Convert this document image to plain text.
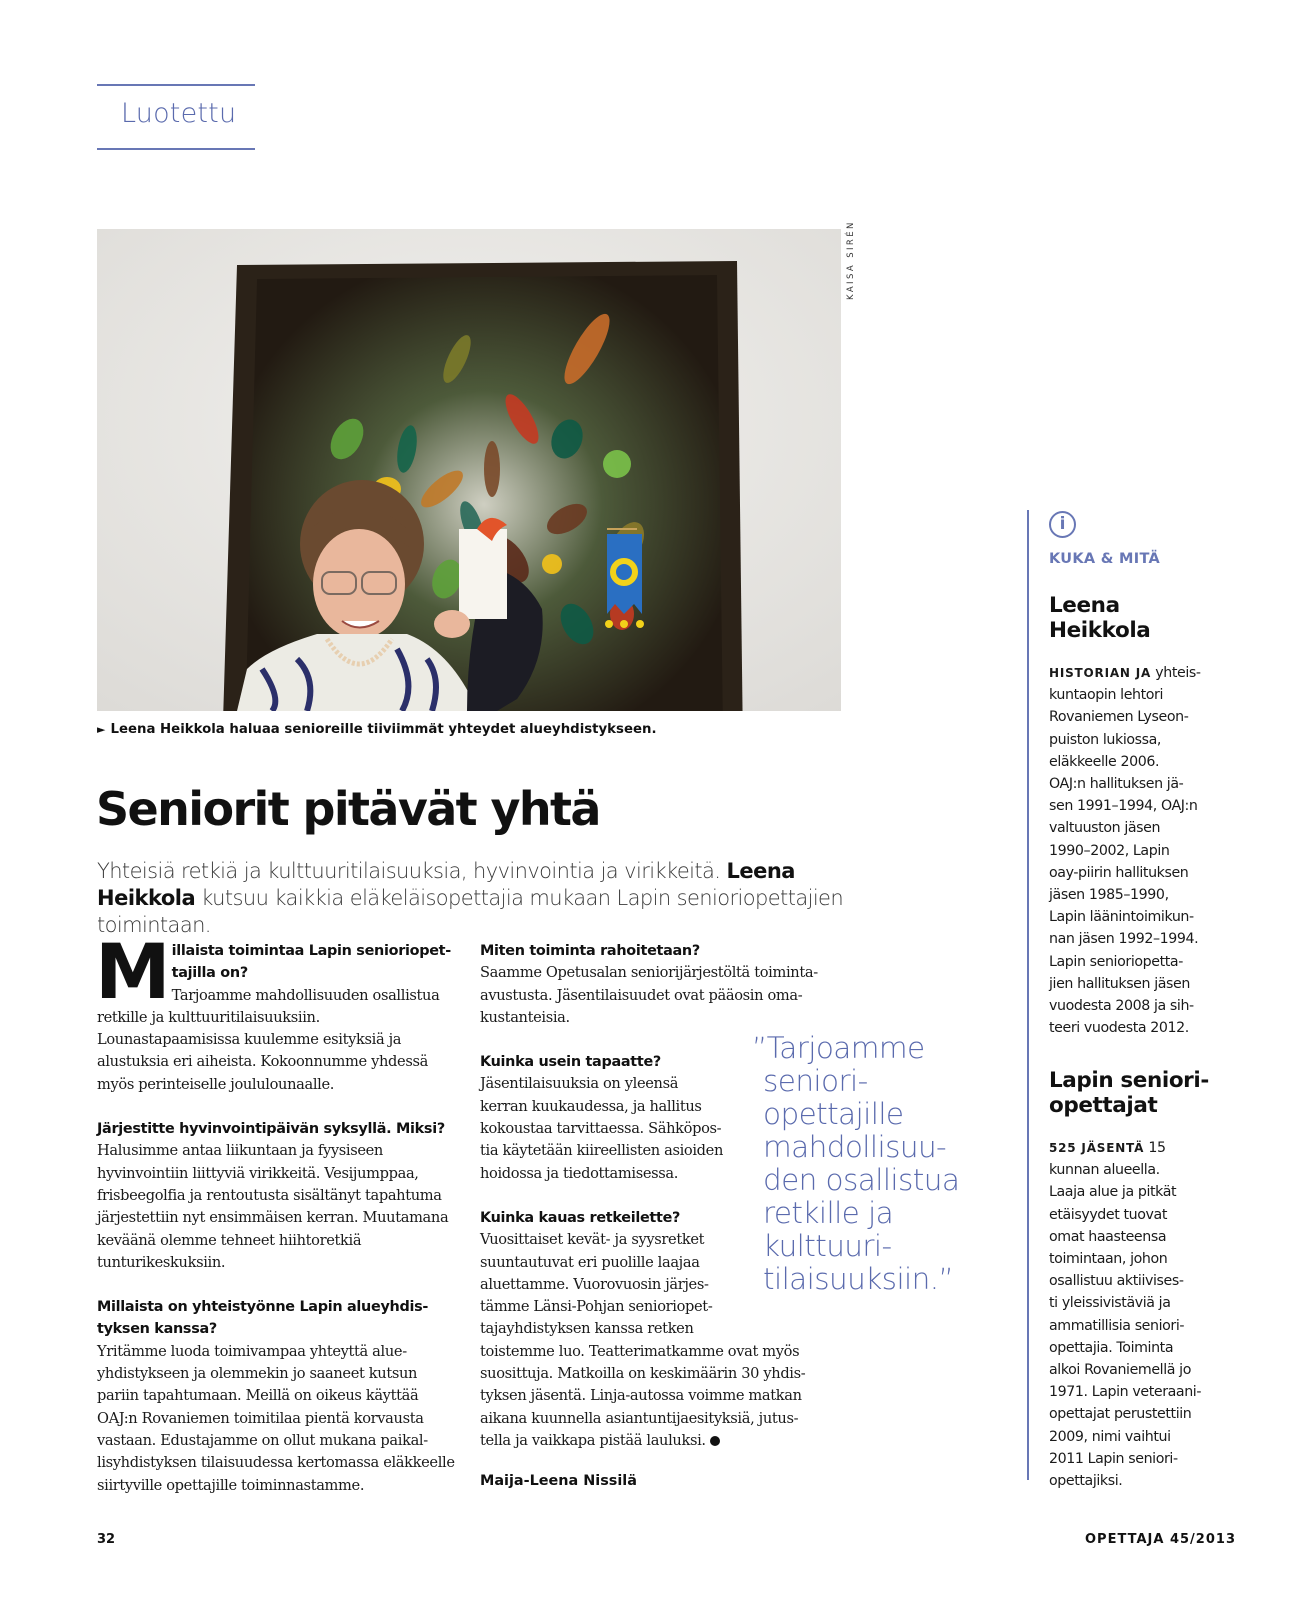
Luotettu
KAISA SIRÉN
► Leena Heikkola haluaa senioreille tiiviimmät yhteydet alueyhdistykseen.
Seniorit pitävät yhtä
Yhteisiä retkiä ja kulttuuritilaisuuksia, hyvinvointia ja virikkeitä. Leena Heikkola kutsuu kaikkia eläkeläisopettajia mukaan Lapin senioriopettajien toimintaan.
M illaista toimintaa Lapin senioriopettajilla on?

Tarjoamme mahdollisuuden osallistua retkille ja kulttuuritilaisuuksiin. Lounastapaamisissa kuulemme esityksiä ja alustuksia eri aiheista. Kokoonnumme yhdessä myös perinteiselle joululounaalle.

Järjestitte hyvinvointipäivän syksyllä. Miksi?

Halusimme antaa liikuntaan ja fyysiseen hyvinvointiin liittyviä virikkeitä. Vesijumppaa, frisbeegolfia ja rentoutusta sisältänyt tapahtuma järjestettiin nyt ensimmäisen kerran. Muutamana keväänä olemme tehneet hiihtoretkiä tunturikeskuksiin.

Millaista on yhteistyönne Lapin alueyhdistyksen kanssa?

Yritämme luoda toimivampaa yhteyttä alueyhdistykseen ja olemmekin jo saaneet kutsun pariin tapahtumaan. Meillä on oikeus käyttää OAJ:n Rovaniemen toimitilaa pientä korvausta vastaan. Edustajamme on ollut mukana paikallisyhdistyksen tilaisuudessa kertomassa eläkkeelle siirtyville opettajille toiminnastamme.

Miten toiminta rahoitetaan?

Saamme Opetusalan seniorijärjestöltä toimintaavustusta. Jäsentilaisuudet ovat pääosin omakustanteisia.

Kuinka usein tapaatte?
Jäsentilaisuuksia on yleensä
kerran kuukaudessa, ja hallitus
kokoustaa tarvittaessa. Sähköpos-
tia käytetään kiireellisten asioiden
hoidossa ja tiedottamisessa.
Kuinka kauas retkeilette?
Vuosittaiset kevät- ja syysretket
suuntautuvat eri puolille laajaa
aluettamme. Vuorovuosin järjes-
tämme Länsi-Pohjan senioriopet-
tajayhdistyksen kanssa retken
toistemme luo. Teatterimatkamme ovat myös
suosittuja. Matkoilla on keskimäärin 30 yhdis-
tyksen jäsentä. Linja-autossa voimme matkan
aikana kuunnella asiantuntijaesityksiä, jutus-
tella ja vaikkapa pistää lauluksi.
Maija-Leena Nissilä
”Tarjoamme
seniori-
opettajille
mahdollisuu-
den osallistua
retkille ja
kulttuuri-
tilaisuuksiin.”
i
KUKA & MITÄ
Leena
Heikkola
HISTORIAN JA yhteis-
kuntaopin lehtori
Rovaniemen Lyseon-
puiston lukiossa,
eläkkeelle 2006.
OAJ:n hallituksen jä-
sen 1991–1994, OAJ:n
valtuuston jäsen
1990–2002, Lapin
oay-piirin hallituksen
jäsen 1985–1990,
Lapin läänintoimikun-
nan jäsen 1992–1994.
Lapin senioriopetta-
jien hallituksen jäsen
vuodesta 2008 ja sih-
teeri vuodesta 2012.
Lapin seniori-
opettajat
525 JÄSENTÄ 15
kunnan alueella.
Laaja alue ja pitkät
etäisyydet tuovat
omat haasteensa
toimintaan, johon
osallistuu aktiivises-
ti yleissivistäviä ja
ammatillisia seniori-
opettajia. Toiminta
alkoi Rovaniemellä jo
1971. Lapin veteraani-
opettajat perustettiin
2009, nimi vaihtui
2011 Lapin seniori-
opettajiksi.
32	OPETTAJA 45/2013
